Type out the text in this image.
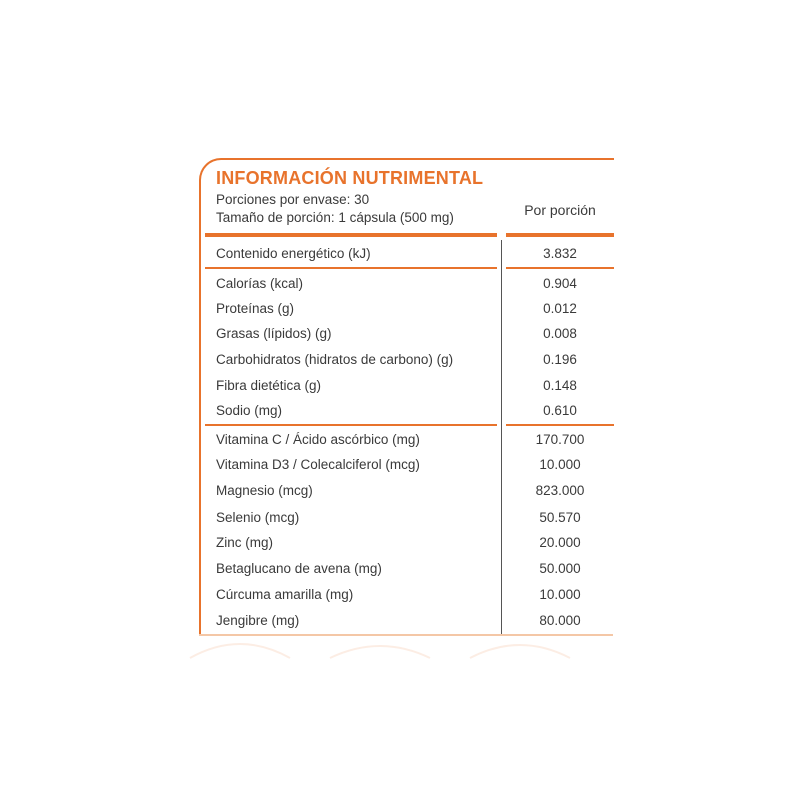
INFORMACIÓN NUTRIMENTAL
Porciones por envase: 30
Tamaño de porción: 1 cápsula (500 mg)	Por porción
Contenido energético (kJ)	3.832
Calorías (kcal)	0.904
Proteínas (g)	0.012
Grasas (lípidos) (g)	0.008
Carbohidratos (hidratos de carbono) (g)	0.196
Fibra dietética (g)	0.148
Sodio (mg)	0.610
Vitamina C / Ácido ascórbico (mg)	170.700
Vitamina D3 / Colecalciferol (mcg)	10.000
Magnesio (mcg)	823.000
Selenio (mcg)	50.570
Zinc (mg)	20.000
Betaglucano de avena (mg)	50.000
Cúrcuma amarilla (mg)	10.000
Jengibre (mg)	80.000
